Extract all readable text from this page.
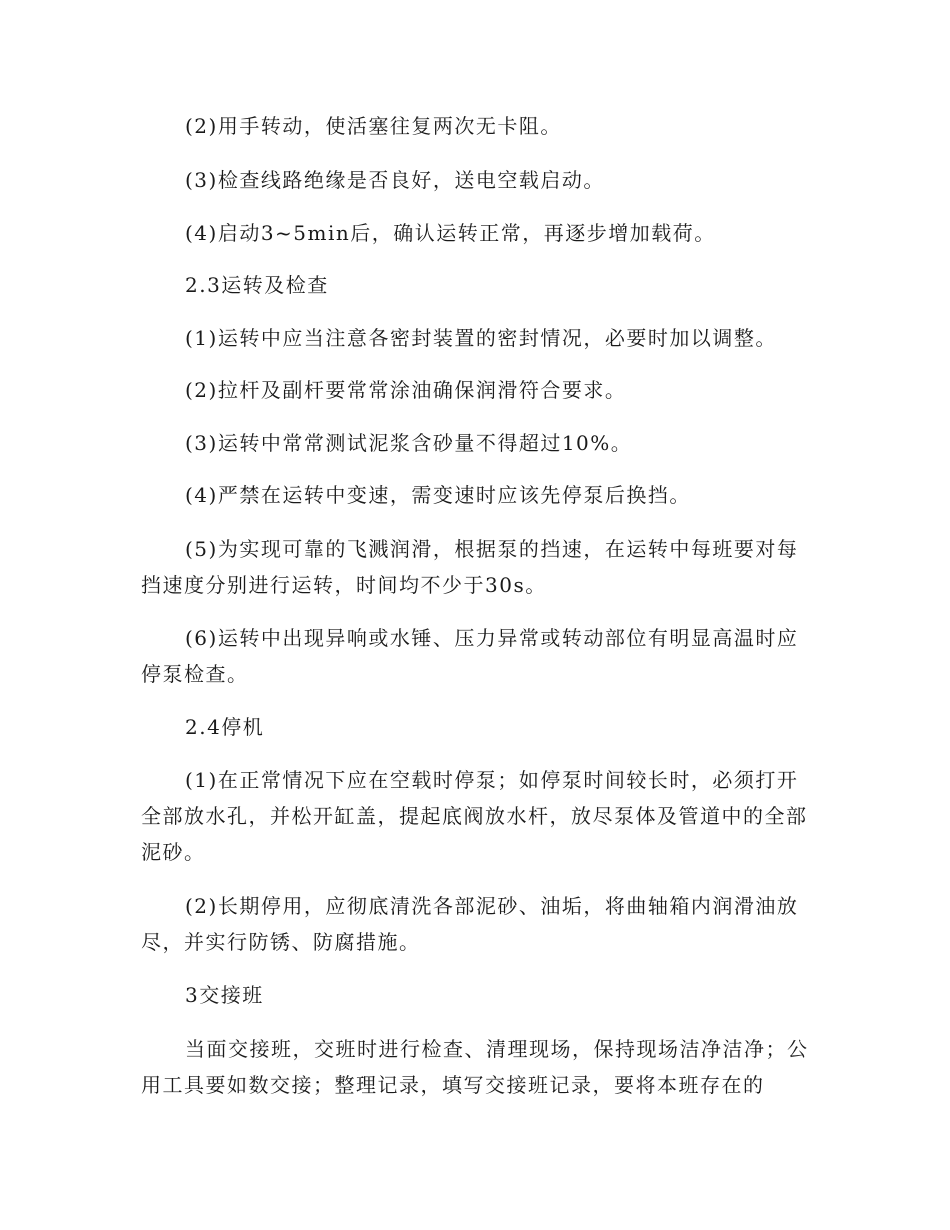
(2)用手转动，使活塞往复两次无卡阻。

(3)检查线路绝缘是否良好，送电空载启动。

(4)启动3~5min后，确认运转正常，再逐步增加载荷。

2.3运转及检查

(1)运转中应当注意各密封装置的密封情况，必要时加以调整。

(2)拉杆及副杆要常常涂油确保润滑符合要求。

(3)运转中常常测试泥浆含砂量不得超过10%。

(4)严禁在运转中变速，需变速时应该先停泵后换挡。

(5)为实现可靠的飞溅润滑，根据泵的挡速，在运转中每班要对每挡速度分别进行运转，时间均不少于30s。

(6)运转中出现异响或水锤、压力异常或转动部位有明显高温时应停泵检查。

2.4停机

(1)在正常情况下应在空载时停泵；如停泵时间较长时，必须打开全部放水孔，并松开缸盖，提起底阀放水杆，放尽泵体及管道中的全部泥砂。

(2)长期停用，应彻底清洗各部泥砂、油垢，将曲轴箱内润滑油放尽，并实行防锈、防腐措施。

3交接班

当面交接班，交班时进行检查、清理现场，保持现场洁净洁净；公用工具要如数交接；整理记录，填写交接班记录，要将本班存在的
